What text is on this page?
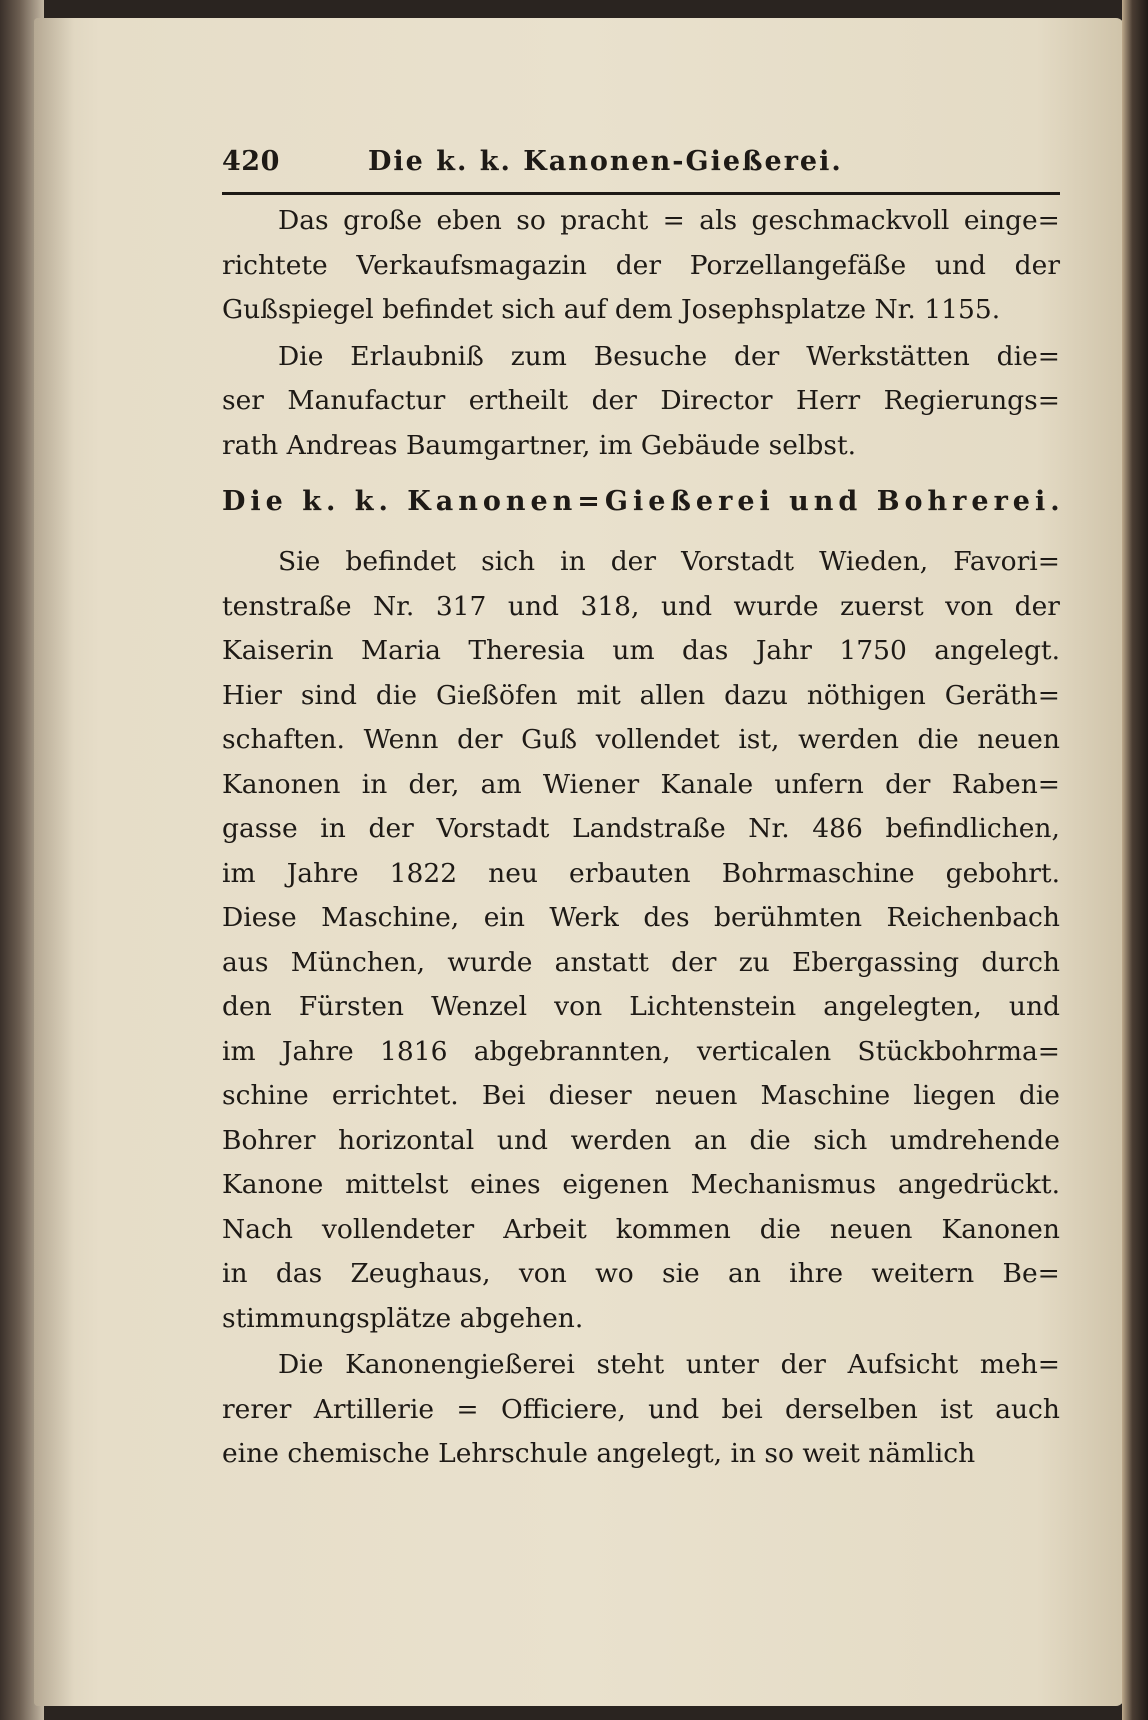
420	Die k. k. Kanonen-Gießerei.
Das große eben so pracht = als geschmackvoll einge=
richtete Verkaufsmagazin der Porzellangefäße und der
Gußspiegel befindet sich auf dem Josephsplatze Nr. 1155.
Die Erlaubniß zum Besuche der Werkstätten die=
ser Manufactur ertheilt der Director Herr Regierungs=
rath Andreas Baumgartner, im Gebäude selbst.
Die k. k. Kanonen=Gießerei und Bohrerei.
Sie befindet sich in der Vorstadt Wieden, Favori=
tenstraße Nr. 317 und 318, und wurde zuerst von der
Kaiserin Maria Theresia um das Jahr 1750 angelegt.
Hier sind die Gießöfen mit allen dazu nöthigen Geräth=
schaften. Wenn der Guß vollendet ist, werden die neuen
Kanonen in der, am Wiener Kanale unfern der Raben=
gasse in der Vorstadt Landstraße Nr. 486 befindlichen,
im Jahre 1822 neu erbauten Bohrmaschine gebohrt.
Diese Maschine, ein Werk des berühmten Reichenbach
aus München, wurde anstatt der zu Ebergassing durch
den Fürsten Wenzel von Lichtenstein angelegten, und
im Jahre 1816 abgebrannten, verticalen Stückbohrma=
schine errichtet. Bei dieser neuen Maschine liegen die
Bohrer horizontal und werden an die sich umdrehende
Kanone mittelst eines eigenen Mechanismus angedrückt.
Nach vollendeter Arbeit kommen die neuen Kanonen
in das Zeughaus, von wo sie an ihre weitern Be=
stimmungsplätze abgehen.
Die Kanonengießerei steht unter der Aufsicht meh=
rerer Artillerie = Officiere, und bei derselben ist auch
eine chemische Lehrschule angelegt, in so weit nämlich
